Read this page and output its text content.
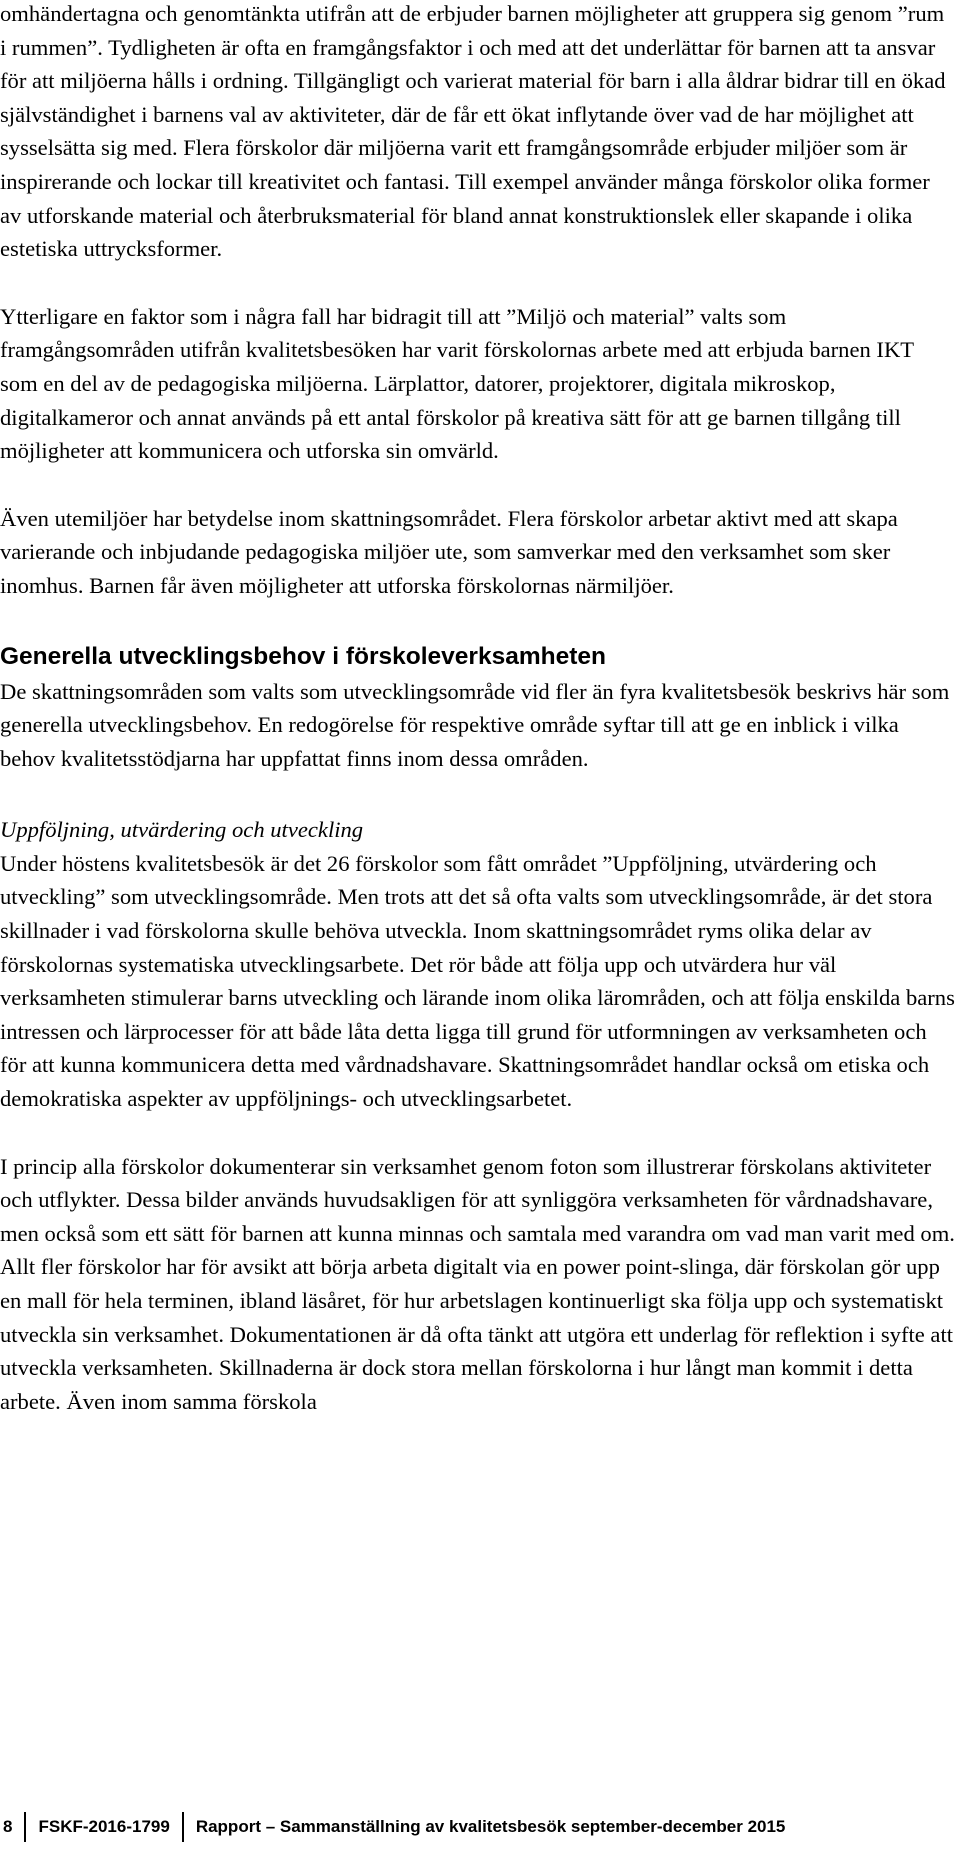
omhändertagna och genomtänkta utifrån att de erbjuder barnen möjligheter att gruppera sig genom ”rum i rummen”. Tydligheten är ofta en framgångsfaktor i och med att det underlättar för barnen att ta ansvar för att miljöerna hålls i ordning. Tillgängligt och varierat material för barn i alla åldrar bidrar till en ökad självständighet i barnens val av aktiviteter, där de får ett ökat inflytande över vad de har möjlighet att sysselsätta sig med. Flera förskolor där miljöerna varit ett framgångsområde erbjuder miljöer som är inspirerande och lockar till kreativitet och fantasi. Till exempel använder många förskolor olika former av utforskande material och återbruksmaterial för bland annat konstruktionslek eller skapande i olika estetiska uttrycksformer.

Ytterligare en faktor som i några fall har bidragit till att ”Miljö och material” valts som framgångsområden utifrån kvalitetsbesöken har varit förskolornas arbete med att erbjuda barnen IKT som en del av de pedagogiska miljöerna. Lärplattor, datorer, projektorer, digitala mikroskop, digitalkameror och annat används på ett antal förskolor på kreativa sätt för att ge barnen tillgång till möjligheter att kommunicera och utforska sin omvärld.

Även utemiljöer har betydelse inom skattningsområdet. Flera förskolor arbetar aktivt med att skapa varierande och inbjudande pedagogiska miljöer ute, som samverkar med den verksamhet som sker inomhus. Barnen får även möjligheter att utforska förskolornas närmiljöer.

Generella utvecklingsbehov i förskoleverksamheten

De skattningsområden som valts som utvecklingsområde vid fler än fyra kvalitetsbesök beskrivs här som generella utvecklingsbehov. En redogörelse för respektive område syftar till att ge en inblick i vilka behov kvalitetsstödjarna har uppfattat finns inom dessa områden.

Uppföljning, utvärdering och utveckling

Under höstens kvalitetsbesök är det 26 förskolor som fått området ”Uppföljning, utvärdering och utveckling” som utvecklingsområde. Men trots att det så ofta valts som utvecklingsområde, är det stora skillnader i vad förskolorna skulle behöva utveckla. Inom skattningsområdet ryms olika delar av förskolornas systematiska utvecklingsarbete. Det rör både att följa upp och utvärdera hur väl verksamheten stimulerar barns utveckling och lärande inom olika lärområden, och att följa enskilda barns intressen och lärprocesser för att både låta detta ligga till grund för utformningen av verksamheten och för att kunna kommunicera detta med vårdnadshavare. Skattningsområdet handlar också om etiska och demokratiska aspekter av uppföljnings- och utvecklingsarbetet.

I princip alla förskolor dokumenterar sin verksamhet genom foton som illustrerar förskolans aktiviteter och utflykter. Dessa bilder används huvudsakligen för att synliggöra verksamheten för vårdnadshavare, men också som ett sätt för barnen att kunna minnas och samtala med varandra om vad man varit med om. Allt fler förskolor har för avsikt att börja arbeta digitalt via en power point-slinga, där förskolan gör upp en mall för hela terminen, ibland läsåret, för hur arbetslagen kontinuerligt ska följa upp och systematiskt utveckla sin verksamhet. Dokumentationen är då ofta tänkt att utgöra ett underlag för reflektion i syfte att utveckla verksamheten. Skillnaderna är dock stora mellan förskolorna i hur långt man kommit i detta arbete. Även inom samma förskola

8 FSKF-2016-1799 Rapport – Sammanställning av kvalitetsbesök september-december 2015
